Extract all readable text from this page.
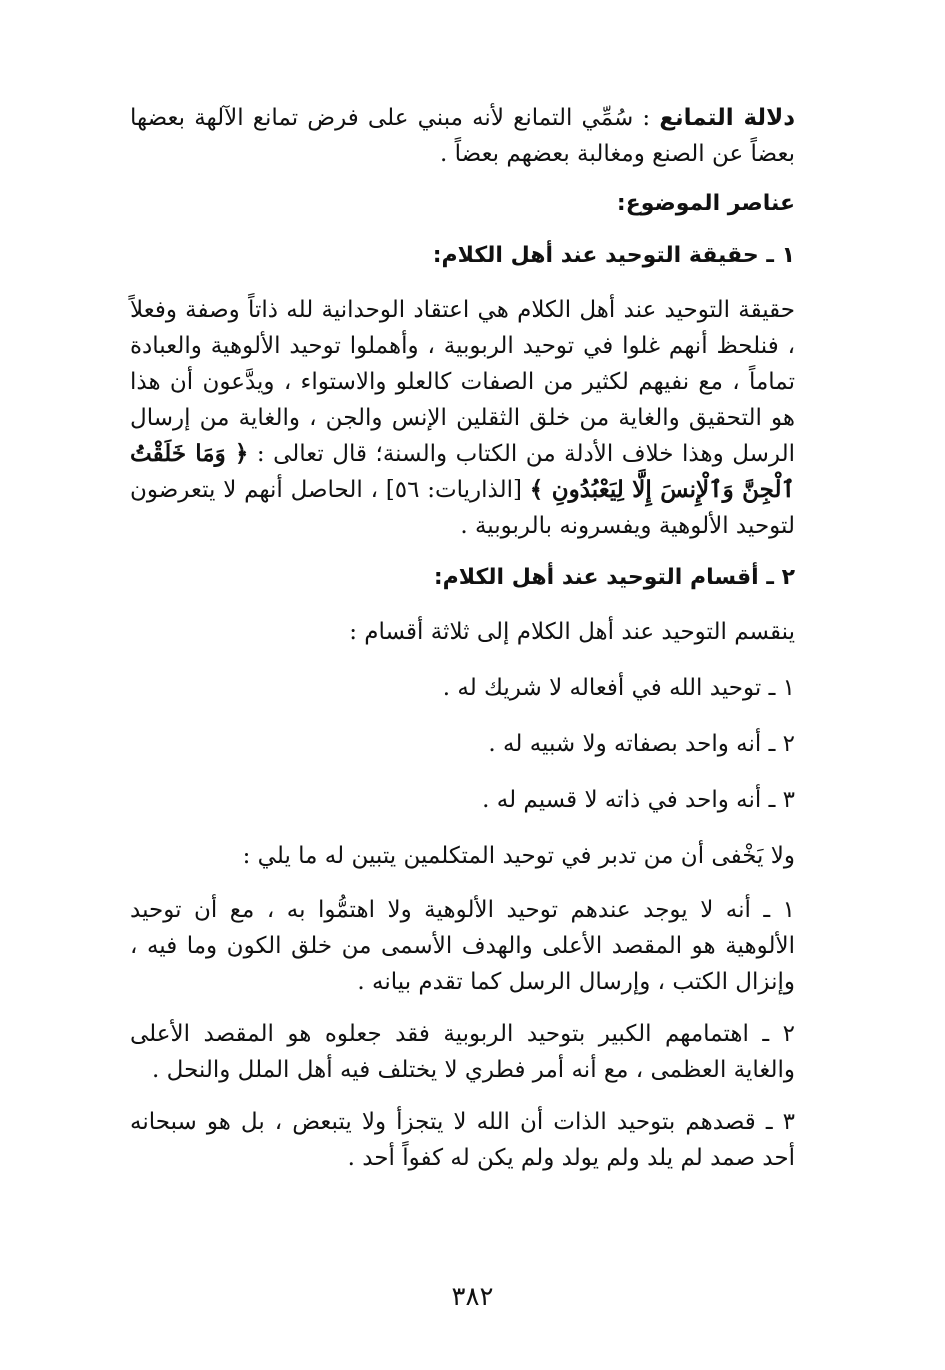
دلالة التمانع : سُمِّي التمانع لأنه مبني على فرض تمانع الآلهة بعضها بعضاً عن الصنع ومغالبة بعضهم بعضاً .

عناصر الموضوع:

١ ـ حقيقة التوحيد عند أهل الكلام:

حقيقة التوحيد عند أهل الكلام هي اعتقاد الوحدانية لله ذاتاً وصفة وفعلاً ، فنلحظ أنهم غلوا في توحيد الربوبية ، وأهملوا توحيد الألوهية والعبادة تماماً ، مع نفيهم لكثير من الصفات كالعلو والاستواء ، ويدَّعون أن هذا هو التحقيق والغاية من خلق الثقلين الإنس والجن ، والغاية من إرسال الرسل وهذا خلاف الأدلة من الكتاب والسنة؛ قال تعالى : ﴿ وَمَا خَلَقْتُ ٱلْجِنَّ وَٱلْإِنسَ إِلَّا لِيَعْبُدُونِ ﴾ [الذاريات: ٥٦] ، الحاصل أنهم لا يتعرضون لتوحيد الألوهية ويفسرونه بالربوبية .

٢ ـ أقسام التوحيد عند أهل الكلام:

ينقسم التوحيد عند أهل الكلام إلى ثلاثة أقسام :

١ ـ توحيد الله في أفعاله لا شريك له .

٢ ـ أنه واحد بصفاته ولا شبيه له .

٣ ـ أنه واحد في ذاته لا قسيم له .

ولا يَخْفى أن من تدبر في توحيد المتكلمين يتبين له ما يلي :

١ ـ أنه لا يوجد عندهم توحيد الألوهية ولا اهتمُّوا به ، مع أن توحيد الألوهية هو المقصد الأعلى والهدف الأسمى من خلق الكون وما فيه ، وإنزال الكتب ، وإرسال الرسل كما تقدم بيانه .

٢ ـ اهتمامهم الكبير بتوحيد الربوبية فقد جعلوه هو المقصد الأعلى والغاية العظمى ، مع أنه أمر فطري لا يختلف فيه أهل الملل والنحل .

٣ ـ قصدهم بتوحيد الذات أن الله لا يتجزأ ولا يتبعض ، بل هو سبحانه أحد صمد لم يلد ولم يولد ولم يكن له كفواً أحد .

٣٨٢
